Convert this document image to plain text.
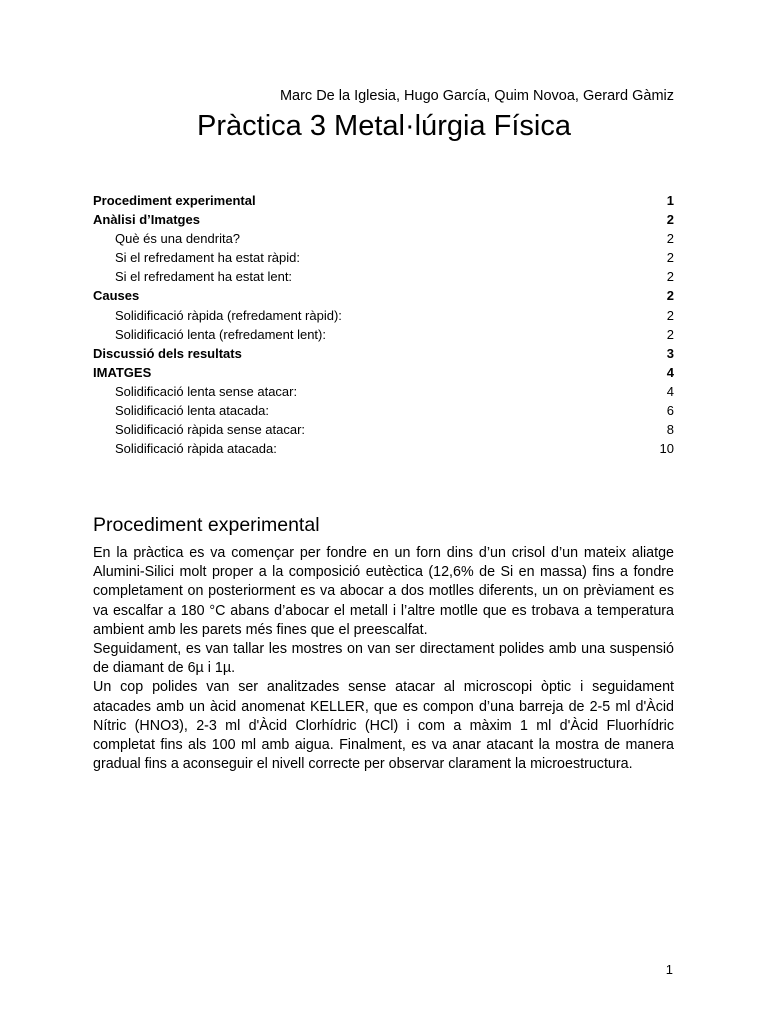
Marc De la Iglesia, Hugo García, Quim Novoa, Gerard Gàmiz
Pràctica 3 Metal·lúrgia Física
Procediment experimental	1
Anàlisi d’Imatges	2
Què és una dendrita?	2
Si el refredament ha estat ràpid:	2
Si el refredament ha estat lent:	2
Causes	2
Solidificació ràpida (refredament ràpid):	2
Solidificació lenta (refredament lent):	2
Discussió dels resultats	3
IMATGES	4
Solidificació lenta sense atacar:	4
Solidificació lenta atacada:	6
Solidificació ràpida sense atacar:	8
Solidificació ràpida atacada:	10
Procediment experimental

En la pràctica es va començar per fondre en un forn dins d’un crisol d’un mateix aliatge Alumini-Silici molt proper a la composició eutèctica (12,6% de Si en massa) fins a fondre completament on posteriorment es va abocar a dos motlles diferents, un on prèviament es va escalfar a 180 °C abans d’abocar el metall i l’altre motlle que es trobava a temperatura ambient amb les parets més fines que el preescalfat.

Seguidament, es van tallar les mostres on van ser directament polides amb una suspensió de diamant de 6µ i 1µ.

Un cop polides van ser analitzades sense atacar al microscopi òptic i seguidament atacades amb un àcid anomenat KELLER, que es compon d’una barreja de 2-5 ml d'Àcid Nítric (HNO3), 2-3 ml d'Àcid Clorhídric (HCl) i com a màxim 1 ml d'Àcid Fluorhídric completat fins als 100 ml amb aigua. Finalment, es va anar atacant la mostra de manera gradual fins a aconseguir el nivell correcte per observar clarament la microestructura.

1
